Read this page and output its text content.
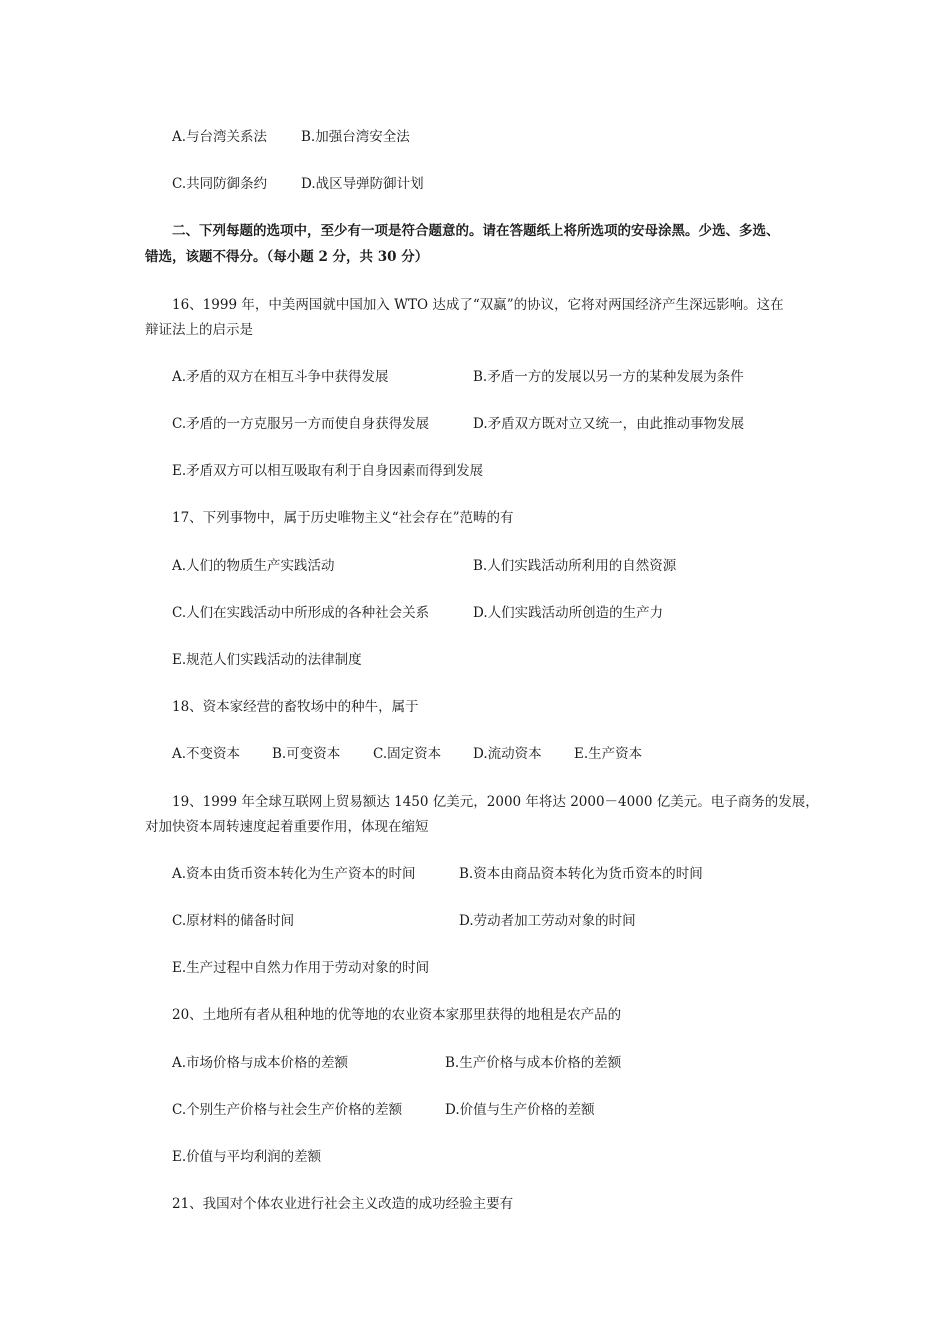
A.与台湾关系法	B.加强台湾安全法
C.共同防御条约	D.战区导弹防御计划
二、下列每题的选项中，至少有一项是符合题意的。请在答题纸上将所选项的安母涂黑。少选、多选、
错选，该题不得分。（每小题 2 分，共 30 分）
16、1999 年，中美两国就中国加入 WTO 达成了“双赢”的协议，它将对两国经济产生深远影响。这在
辩证法上的启示是
A.矛盾的双方在相互斗争中获得发展	B.矛盾一方的发展以另一方的某种发展为条件
C.矛盾的一方克服另一方而使自身获得发展	D.矛盾双方既对立又统一，由此推动事物发展
E.矛盾双方可以相互吸取有利于自身因素而得到发展
17、下列事物中，属于历史唯物主义“社会存在”范畴的有
A.人们的物质生产实践活动	B.人们实践活动所利用的自然资源
C.人们在实践活动中所形成的各种社会关系	D.人们实践活动所创造的生产力
E.规范人们实践活动的法律制度
18、资本家经营的畜牧场中的种牛，属于
A.不变资本 B.可变资本 C.固定资本 D.流动资本 E.生产资本
19、1999 年全球互联网上贸易额达 1450 亿美元，2000 年将达 2000－4000 亿美元。电子商务的发展，
对加快资本周转速度起着重要作用，体现在缩短
A.资本由货币资本转化为生产资本的时间	B.资本由商品资本转化为货币资本的时间
C.原材料的储备时间	D.劳动者加工劳动对象的时间
E.生产过程中自然力作用于劳动对象的时间
20、土地所有者从租种地的优等地的农业资本家那里获得的地租是农产品的
A.市场价格与成本价格的差额	B.生产价格与成本价格的差额
C.个别生产价格与社会生产价格的差额	D.价值与生产价格的差额
E.价值与平均利润的差额
21、我国对个体农业进行社会主义改造的成功经验主要有
